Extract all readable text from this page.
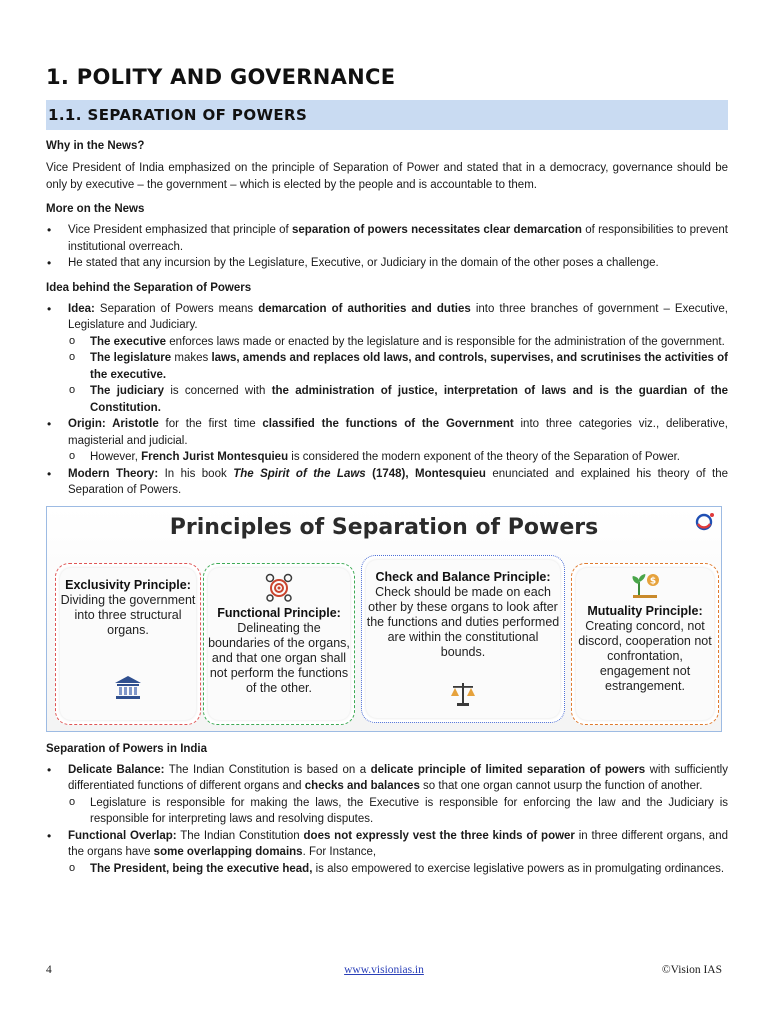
1. POLITY AND GOVERNANCE
1.1. SEPARATION OF POWERS
Why in the News?

Vice President of India emphasized on the principle of Separation of Power and stated that in a democracy, governance should be only by executive – the government – which is elected by the people and is accountable to them.

More on the News
• Vice President emphasized that principle of separation of powers necessitates clear demarcation of responsibilities to prevent institutional overreach.
• He stated that any incursion by the Legislature, Executive, or Judiciary in the domain of the other poses a challenge.
Idea behind the Separation of Powers
• Idea: Separation of Powers means demarcation of authorities and duties into three branches of government – Executive, Legislature and Judiciary.
o The executive enforces laws made or enacted by the legislature and is responsible for the administration of the government.
o The legislature makes laws, amends and replaces old laws, and controls, supervises, and scrutinises the activities of the executive.
o The judiciary is concerned with the administration of justice, interpretation of laws and is the guardian of the Constitution.
• Origin: Aristotle for the first time classified the functions of the Government into three categories viz., deliberative, magisterial and judicial.
o However, French Jurist Montesquieu is considered the modern exponent of the theory of the Separation of Power.
• Modern Theory: In his book The Spirit of the Laws (1748), Montesquieu enunciated and explained his theory of the Separation of Powers.
Principles of Separation of Powers
Exclusivity Principle: Dividing the government into three structural organs.
Functional Principle: Delineating the boundaries of the organs, and that one organ shall not perform the functions of the other.
Check and Balance Principle: Check should be made on each other by these organs to look after the functions and duties performed are within the constitutional bounds.
$
Mutuality Principle: Creating concord, not discord, cooperation not confrontation, engagement not estrangement.
Separation of Powers in India
• Delicate Balance: The Indian Constitution is based on a delicate principle of limited separation of powers with sufficiently differentiated functions of different organs and checks and balances so that one organ cannot usurp the function of another.
o Legislature is responsible for making the laws, the Executive is responsible for enforcing the law and the Judiciary is responsible for interpreting laws and resolving disputes.
• Functional Overlap: The Indian Constitution does not expressly vest the three kinds of power in three different organs, and the organs have some overlapping domains. For Instance,
o The President, being the executive head, is also empowered to exercise legislative powers as in promulgating ordinances.
4	www.visionias.in	©Vision IAS
